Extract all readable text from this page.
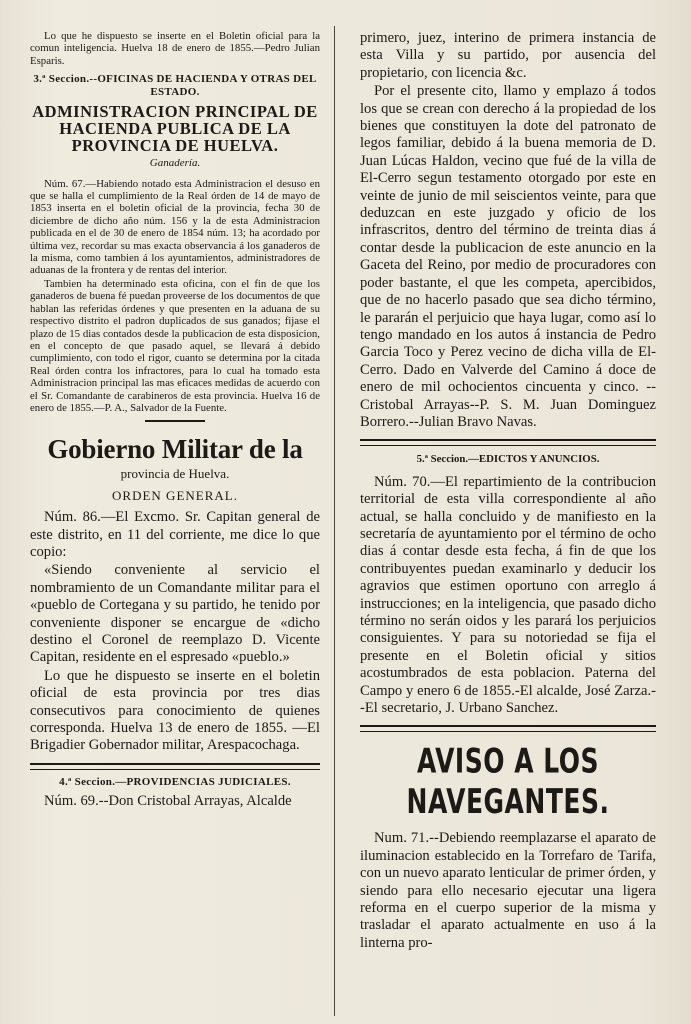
Lo que he dispuesto se inserte en el Boletin oficial para la comun inteligencia. Huelva 18 de enero de 1855.—Pedro Julian Esparis.

3.ª Seccion.--OFICINAS DE HACIENDA Y OTRAS DEL ESTADO.
ADMINISTRACION PRINCIPAL DE HACIENDA PUBLICA DE LA PROVINCIA DE HUELVA.
Ganadería.

Núm. 67.—Habiendo notado esta Administracion el desuso en que se halla el cumplimiento de la Real órden de 14 de mayo de 1853 inserta en el boletin oficial de la provincia, fecha 30 de diciembre de dicho año núm. 156 y la de esta Administracion publicada en el de 30 de enero de 1854 núm. 13; ha acordado por última vez, recordar su mas exacta observancia á los ganaderos de la misma, como tambien á los ayuntamientos, administradores de aduanas de la frontera y de rentas del interior.

Tambien ha determinado esta oficina, con el fin de que los ganaderos de buena fé puedan proveerse de los documentos de que hablan las referidas órdenes y que presenten en la aduana de su respectivo distrito el padron duplicados de sus ganados; fijase el plazo de 15 dias contados desde la publicacion de esta disposicion, en el concepto de que pasado aquel, se llevará á debido cumplimiento, con todo el rigor, cuanto se determina por la citada Real órden contra los infractores, para lo cual ha tomado esta Administracion principal las mas eficaces medidas de acuerdo con el Sr. Comandante de carabineros de esta provincia. Huelva 16 de enero de 1855.—P. A., Salvador de la Fuente.

Gobierno Militar de la
provincia de Huelva.
ORDEN GENERAL.

Núm. 86.—El Excmo. Sr. Capitan general de este distrito, en 11 del corriente, me dice lo que copio:

«Siendo conveniente al servicio el nombramiento de un Comandante militar para el «pueblo de Cortegana y su partido, he tenido por conveniente disponer se encargue de «dicho destino el Coronel de reemplazo D. Vicente Capitan, residente en el espresado «pueblo.»

Lo que he dispuesto se inserte en el boletin oficial de esta provincia por tres dias consecutivos para conocimiento de quienes corresponda. Huelva 13 de enero de 1855. —El Brigadier Gobernador militar, Arespacochaga.

4.ª Seccion.—PROVIDENCIAS JUDICIALES.

Núm. 69.--Don Cristobal Arrayas, Alcalde

primero, juez, interino de primera instancia de esta Villa y su partido, por ausencia del propietario, con licencia &c.

Por el presente cito, llamo y emplazo á todos los que se crean con derecho á la propiedad de los bienes que constituyen la dote del patronato de legos familiar, debido á la buena memoria de D. Juan Lúcas Haldon, vecino que fué de la villa de El-Cerro segun testamento otorgado por este en veinte de junio de mil seiscientos veinte, para que deduzcan en este juzgado y oficio de los infrascritos, dentro del término de treinta dias á contar desde la publicacion de este anuncio en la Gaceta del Reino, por medio de procuradores con poder bastante, el que les competa, apercibidos, que de no hacerlo pasado que sea dicho término, le pararán el perjuicio que haya lugar, como así lo tengo mandado en los autos á instancia de Pedro Garcia Toco y Perez vecino de dicha villa de El-Cerro. Dado en Valverde del Camino á doce de enero de mil ochocientos cincuenta y cinco. --Cristobal Arrayas--P. S. M. Juan Dominguez Borrero.--Julian Bravo Navas.

5.ª Seccion.—EDICTOS Y ANUNCIOS.

Núm. 70.—El repartimiento de la contribucion territorial de esta villa correspondiente al año actual, se halla concluido y de manifiesto en la secretaría de ayuntamiento por el término de ocho dias á contar desde esta fecha, á fin de que los contribuyentes puedan examinarlo y deducir los agravios que estimen oportuno con arreglo á instrucciones; en la inteligencia, que pasado dicho término no serán oidos y les parará los perjuicios consiguientes. Y para su notoriedad se fija el presente en el Boletin oficial y sitios acostumbrados de esta poblacion. Paterna del Campo y enero 6 de 1855.-El alcalde, José Zarza.--El secretario, J. Urbano Sanchez.

AVISO A LOS NAVEGANTES.

Num. 71.--Debiendo reemplazarse el aparato de iluminacion establecido en la Torrefaro de Tarifa, con un nuevo aparato lenticular de primer órden, y siendo para ello necesario ejecutar una ligera reforma en el cuerpo superior de la misma y trasladar el aparato actualmente en uso á la linterna pro-
